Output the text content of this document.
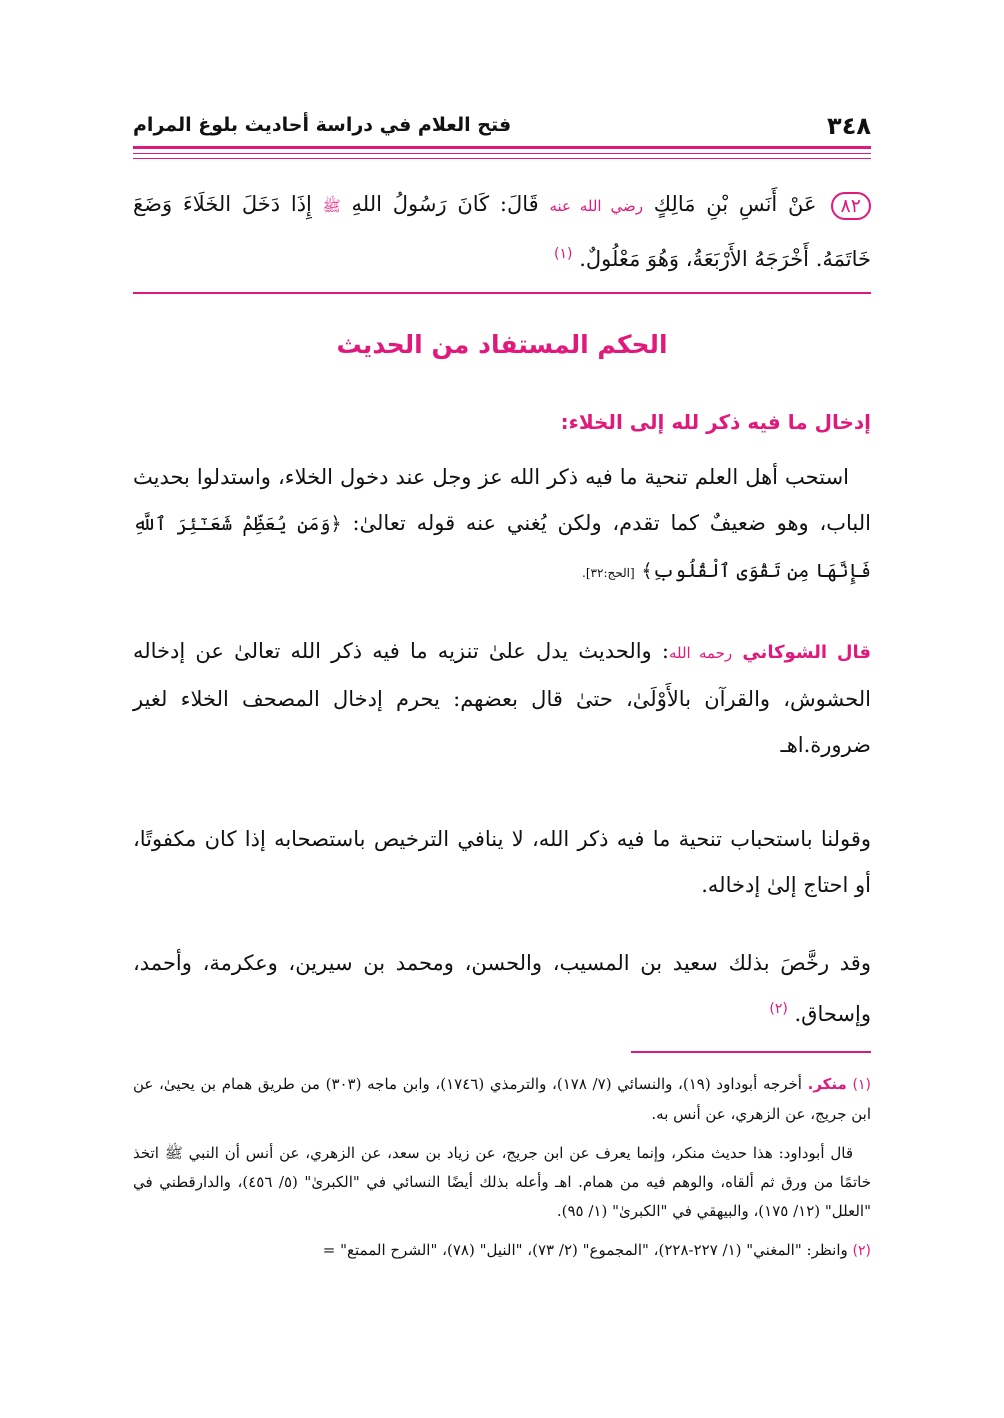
٣٤٨
فتح العلام في دراسة أحاديث بلوغ المرام
٨٢عَنْ أَنَسِ بْنِ مَالِكٍ رضي الله عنه قَالَ: كَانَ رَسُولُ اللهِ ﷺ إِذَا دَخَلَ الخَلَاءَ وَضَعَ خَاتَمَهُ. أَخْرَجَهُ الأَرْبَعَةُ، وَهُوَ مَعْلُولٌ. $^{(١)}$
الحكم المستفاد من الحديث
إدخال ما فيه ذكر لله إلى الخلاء:
استحب أهل العلم تنحية ما فيه ذكر الله عز وجل عند دخول الخلاء، واستدلوا بحديث الباب، وهو ضعيفٌ كما تقدم، ولكن يُغني عنه قوله تعالىٰ: ﴿وَمَن يُعَظِّمْ شَعَـٰٓئِرَ ٱللَّهِ فَإِنَّهَا مِن تَقْوَى ٱلْقُلُوبِ﴾ [الحج:٣٢].
قال الشوكاني رحمه الله: والحديث يدل علىٰ تنزيه ما فيه ذكر الله تعالىٰ عن إدخاله الحشوش، والقرآن بالأَوْلَىٰ، حتىٰ قال بعضهم: يحرم إدخال المصحف الخلاء لغير ضرورة.اهـ
وقولنا باستحباب تنحية ما فيه ذكر الله، لا ينافي الترخيص باستصحابه إذا كان مكفوتًا، أو احتاج إلىٰ إدخاله.
وقد رخَّصَ بذلك سعيد بن المسيب، والحسن، ومحمد بن سيرين، وعكرمة، وأحمد، وإسحاق. $^{(٢)}$
(١) منكر. أخرجه أبوداود (١٩)، والنسائي (٧/ ١٧٨)، والترمذي (١٧٤٦)، وابن ماجه (٣٠٣) من طريق همام بن يحيىٰ، عن ابن جريج، عن الزهري، عن أنس به.
قال أبوداود: هذا حديث منكر، وإنما يعرف عن ابن جريج، عن زياد بن سعد، عن الزهري، عن أنس أن النبي ﷺ اتخذ خاتمًا من ورق ثم ألقاه، والوهم فيه من همام. اهـ وأعله بذلك أيضًا النسائي في "الكبرىٰ" (٥/ ٤٥٦)، والدارقطني في "العلل" (١٢/ ١٧٥)، والبيهقي في "الكبرىٰ" (١/ ٩٥).
(٢) وانظر: "المغني" (١/ ٢٢٧-٢٢٨)، "المجموع" (٢/ ٧٣)، "النيل" (٧٨)، "الشرح الممتع" =
